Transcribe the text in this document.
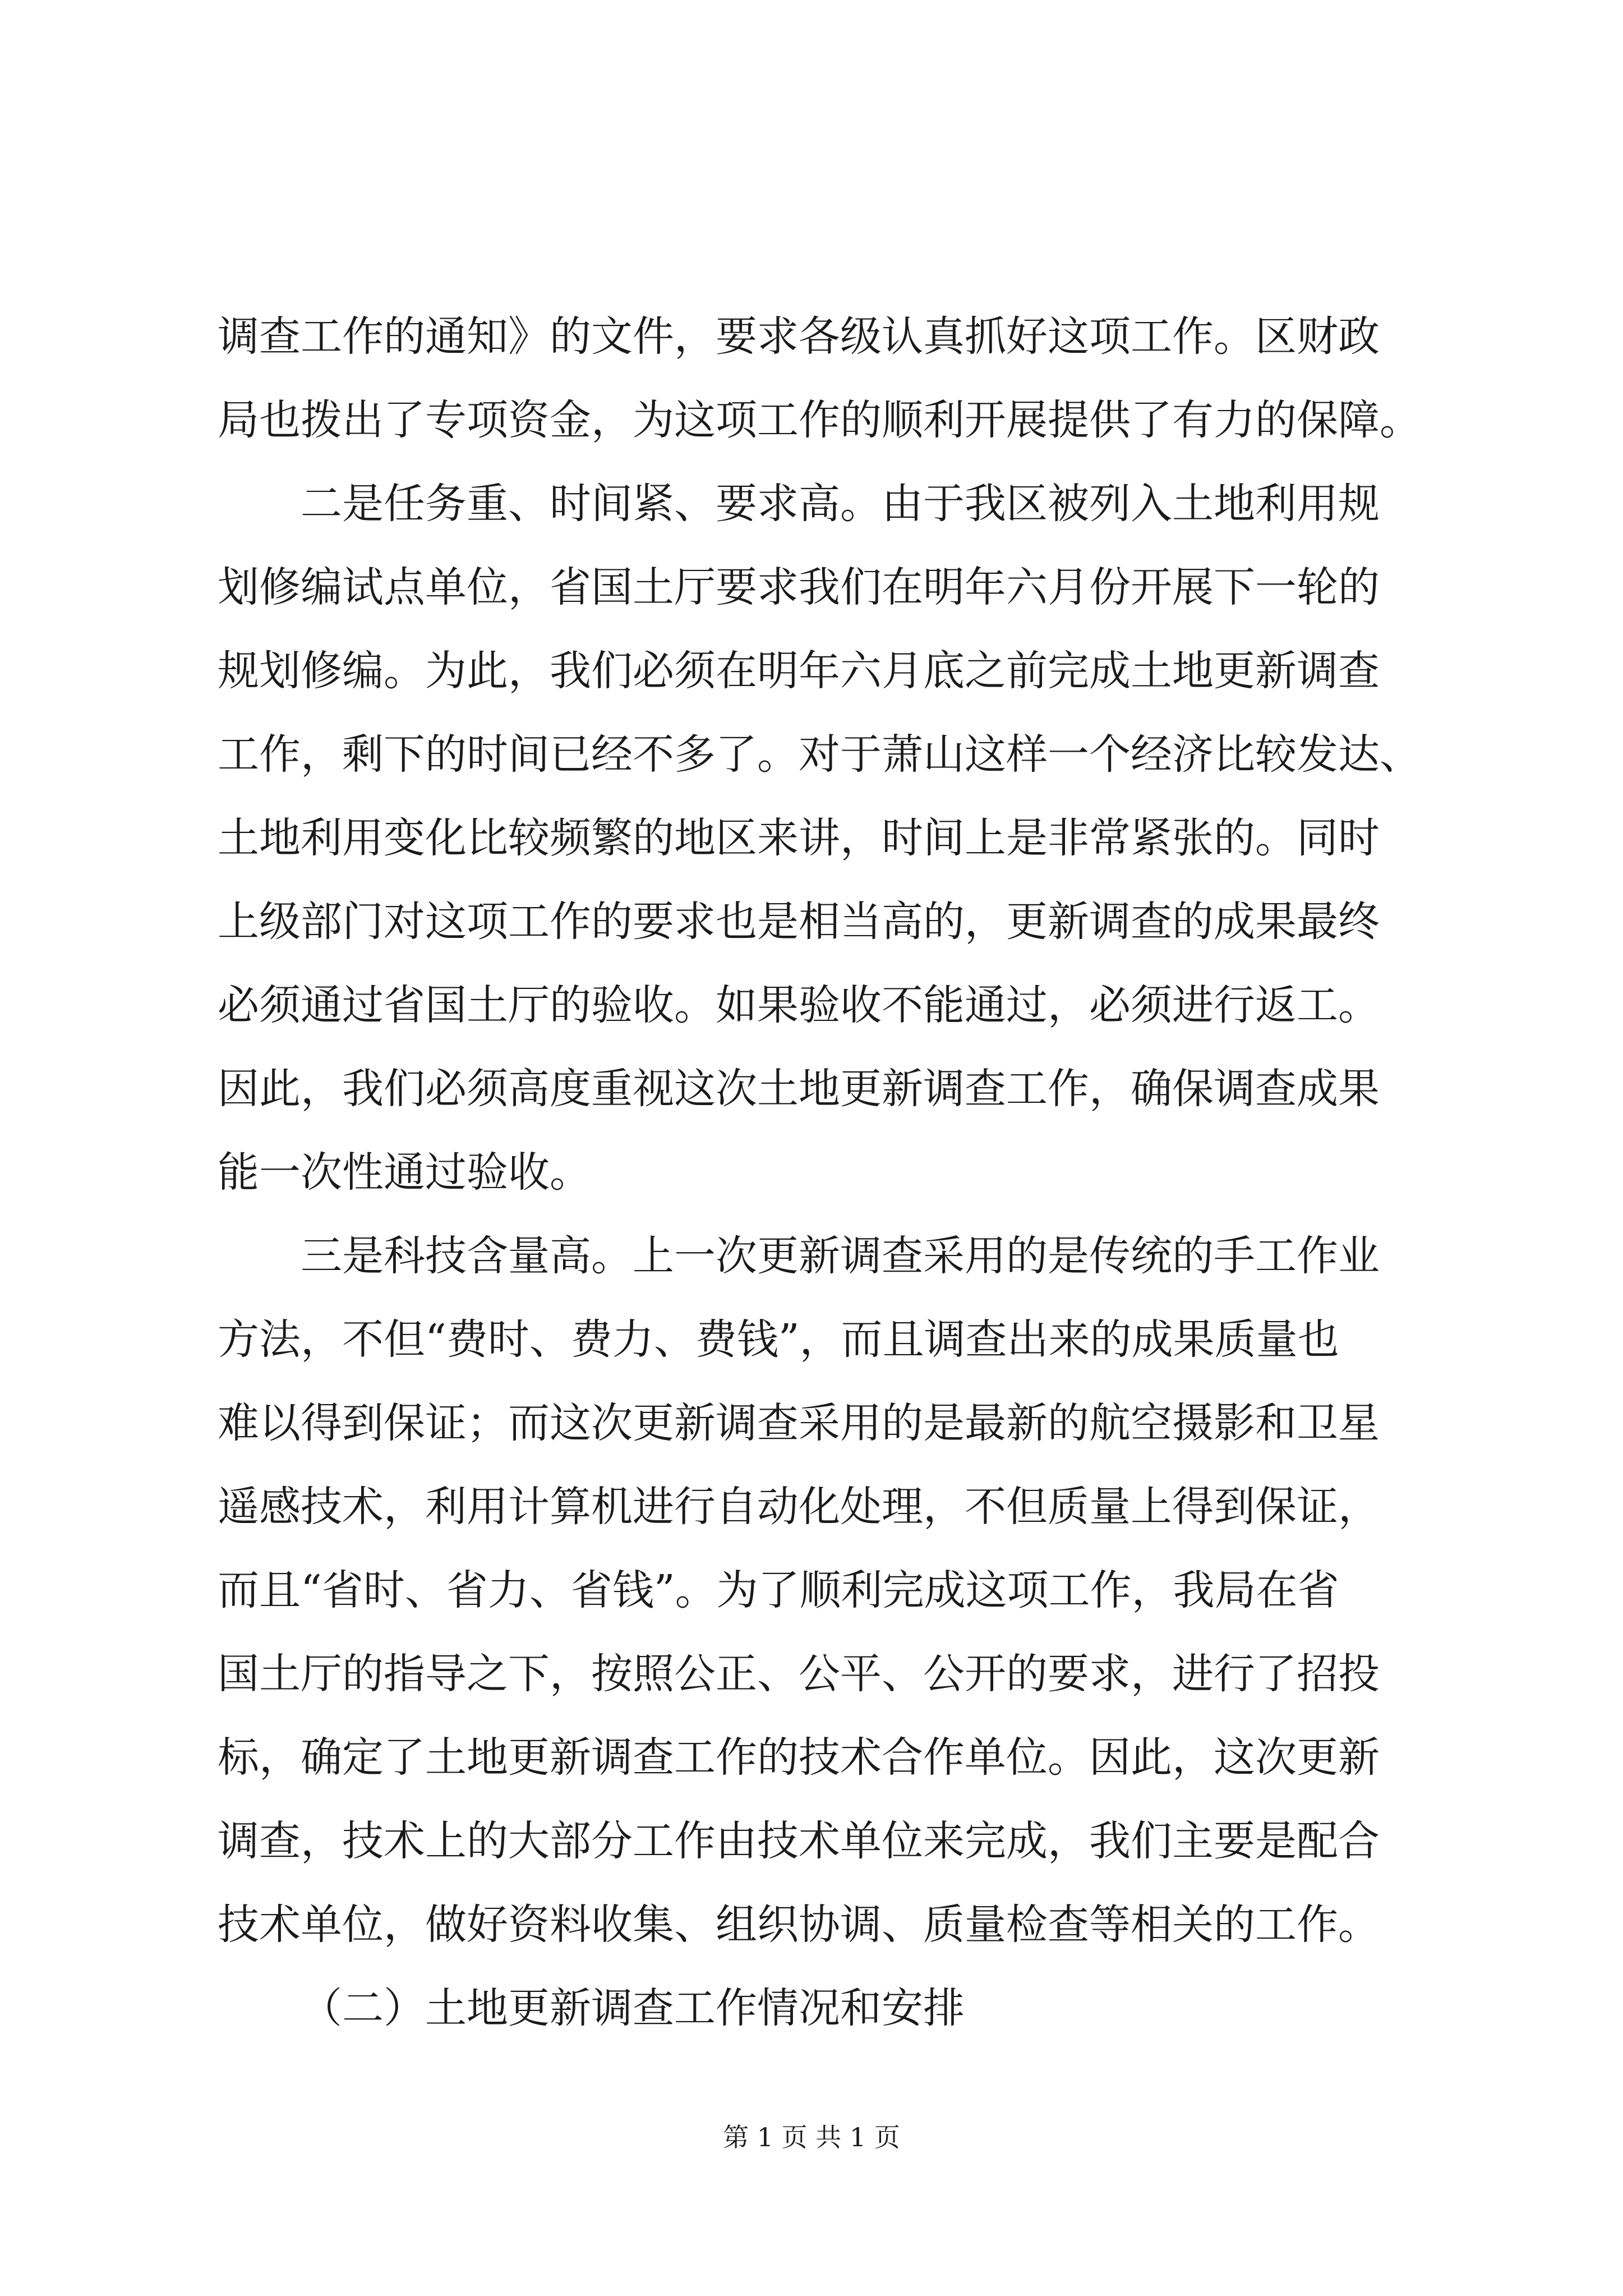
调查工作的通知》的文件，要求各级认真抓好这项工作。区财政
局也拨出了专项资金，为这项工作的顺利开展提供了有力的保障。
二是任务重、时间紧、要求高。由于我区被列入土地利用规
划修编试点单位，省国土厅要求我们在明年六月份开展下一轮的
规划修编。为此，我们必须在明年六月底之前完成土地更新调查
工作，剩下的时间已经不多了。对于萧山这样一个经济比较发达、
土地利用变化比较频繁的地区来讲，时间上是非常紧张的。同时
上级部门对这项工作的要求也是相当高的，更新调查的成果最终
必须通过省国土厅的验收。如果验收不能通过，必须进行返工。
因此，我们必须高度重视这次土地更新调查工作，确保调查成果
能一次性通过验收。
三是科技含量高。上一次更新调查采用的是传统的手工作业
方法，不但“费时、费力、费钱”，而且调查出来的成果质量也
难以得到保证；而这次更新调查采用的是最新的航空摄影和卫星
遥感技术，利用计算机进行自动化处理，不但质量上得到保证，
而且“省时、省力、省钱”。为了顺利完成这项工作，我局在省
国土厅的指导之下，按照公正、公平、公开的要求，进行了招投
标，确定了土地更新调查工作的技术合作单位。因此，这次更新
调查，技术上的大部分工作由技术单位来完成，我们主要是配合
技术单位，做好资料收集、组织协调、质量检查等相关的工作。
（二）土地更新调查工作情况和安排
第 1 页 共 1 页
